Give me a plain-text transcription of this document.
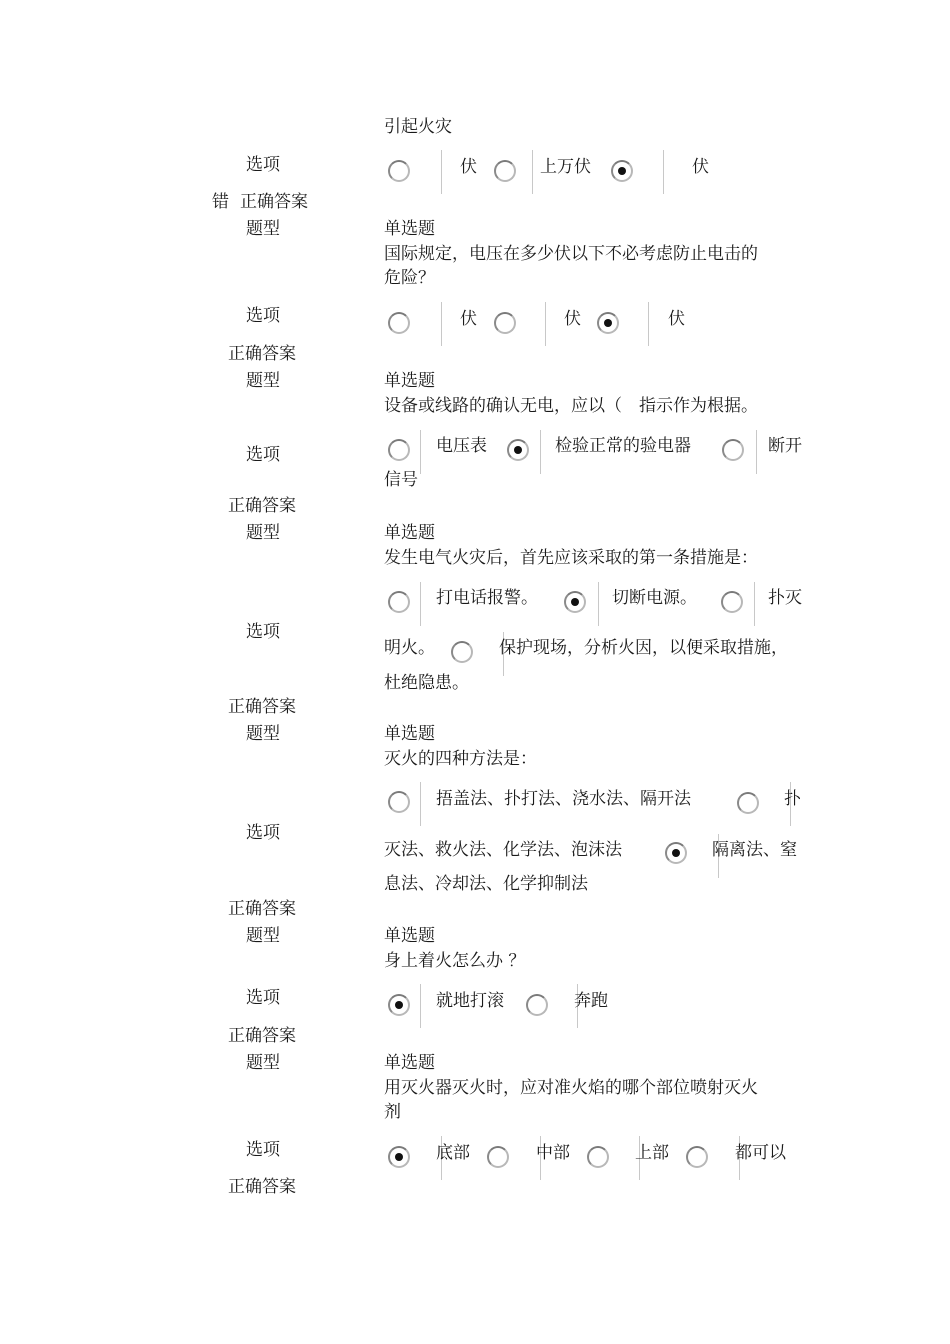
引起火灾
选项	伏	上万伏	伏
错 正确答案
题型	单选题
国际规定，电压在多少伏以下不必考虑防止电击的
危险？
选项	伏	伏	伏
正确答案
题型	单选题
设备或线路的确认无电，应以（　指示作为根据。
选项	电压表	检验正常的验电器	断开
信号
正确答案
题型	单选题
发生电气火灾后，首先应该采取的第一条措施是：
选项
打电话报警。	切断电源。	扑灭
明火。	保护现场，分析火因，以便采取措施，
杜绝隐患。
正确答案
题型	单选题
灭火的四种方法是：
选项
捂盖法、扑打法、浇水法、隔开法	扑
灭法、救火法、化学法、泡沫法	隔离法、窒
息法、冷却法、化学抑制法
正确答案
题型	单选题
身上着火怎么办 ？
选项	就地打滚	奔跑
正确答案
题型	单选题
用灭火器灭火时，应对准火焰的哪个部位喷射灭火
剂
选项	底部	中部	上部	都可以
正确答案
